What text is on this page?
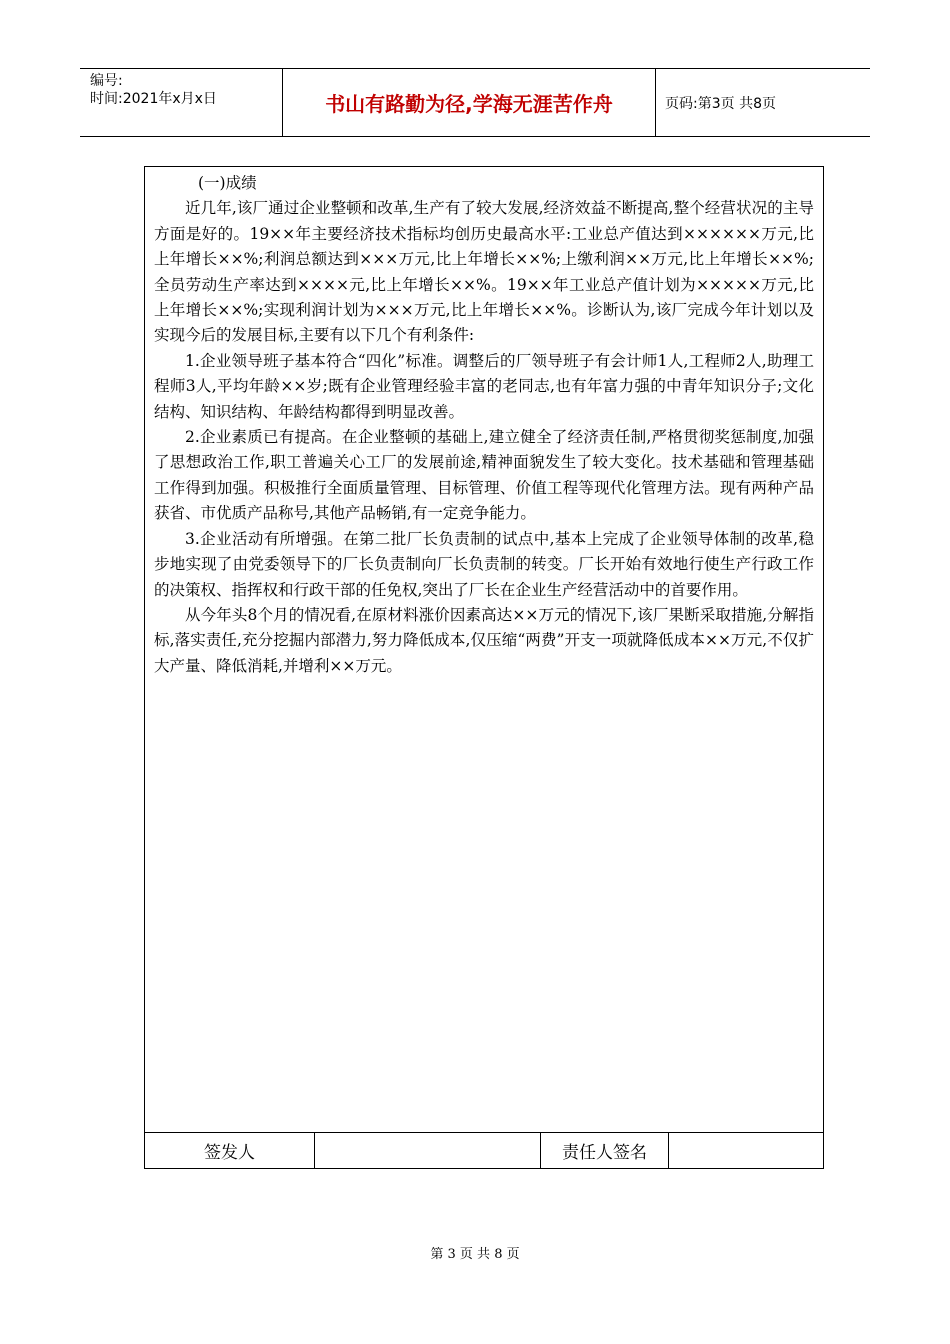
编号:
时间:2021年x月x日	书山有路勤为径,学海无涯苦作舟	页码:第3页 共8页

(一)成绩

近几年,该厂通过企业整顿和改革,生产有了较大发展,经济效益不断提高,整个经营状况的主导方面是好的。19××年主要经济技术指标均创历史最高水平:工业总产值达到××××××万元,比上年增长××%;利润总额达到×××万元,比上年增长××%;上缴利润××万元,比上年增长××%;全员劳动生产率达到××××元,比上年增长××%。19××年工业总产值计划为×××××万元,比上年增长××%;实现利润计划为×××万元,比上年增长××%。诊断认为,该厂完成今年计划以及实现今后的发展目标,主要有以下几个有利条件:

1.企业领导班子基本符合“四化”标准。调整后的厂领导班子有会计师1人,工程师2人,助理工程师3人,平均年龄××岁;既有企业管理经验丰富的老同志,也有年富力强的中青年知识分子;文化结构、知识结构、年龄结构都得到明显改善。

2.企业素质已有提高。在企业整顿的基础上,建立健全了经济责任制,严格贯彻奖惩制度,加强了思想政治工作,职工普遍关心工厂的发展前途,精神面貌发生了较大变化。技术基础和管理基础工作得到加强。积极推行全面质量管理、目标管理、价值工程等现代化管理方法。现有两种产品获省、市优质产品称号,其他产品畅销,有一定竞争能力。

3.企业活动有所增强。在第二批厂长负责制的试点中,基本上完成了企业领导体制的改革,稳步地实现了由党委领导下的厂长负责制向厂长负责制的转变。厂长开始有效地行使生产行政工作的决策权、指挥权和行政干部的任免权,突出了厂长在企业生产经营活动中的首要作用。

从今年头8个月的情况看,在原材料涨价因素高达××万元的情况下,该厂果断采取措施,分解指标,落实责任,充分挖掘内部潜力,努力降低成本,仅压缩“两费”开支一项就降低成本××万元,不仅扩大产量、降低消耗,并增利××万元。

签发人	责任人签名
第 3 页 共 8 页
